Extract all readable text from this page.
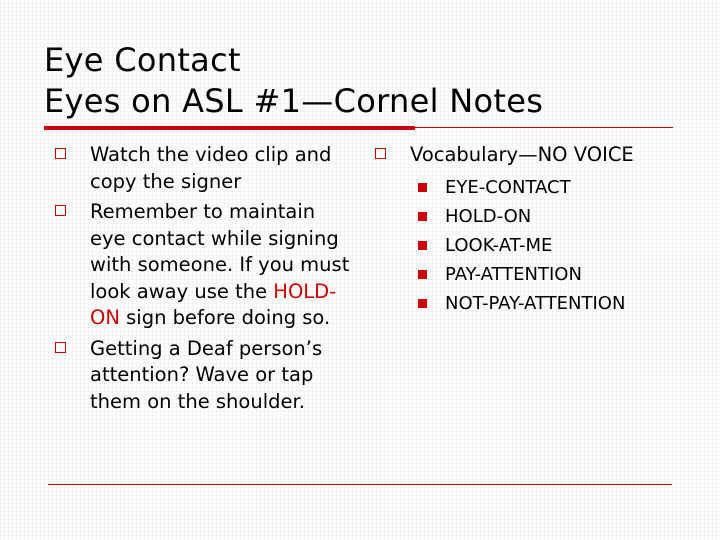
Eye Contact
Eyes on ASL #1—Cornel Notes
Watch the video clip and copy the signer
Remember to maintain eye contact while signing with someone. If you must look away use the HOLD-ON sign before doing so.
Getting a Deaf person’s attention? Wave or tap them on the shoulder.
Vocabulary—NO VOICE
EYE-CONTACT
HOLD-ON
LOOK-AT-ME
PAY-ATTENTION
NOT-PAY-ATTENTION
